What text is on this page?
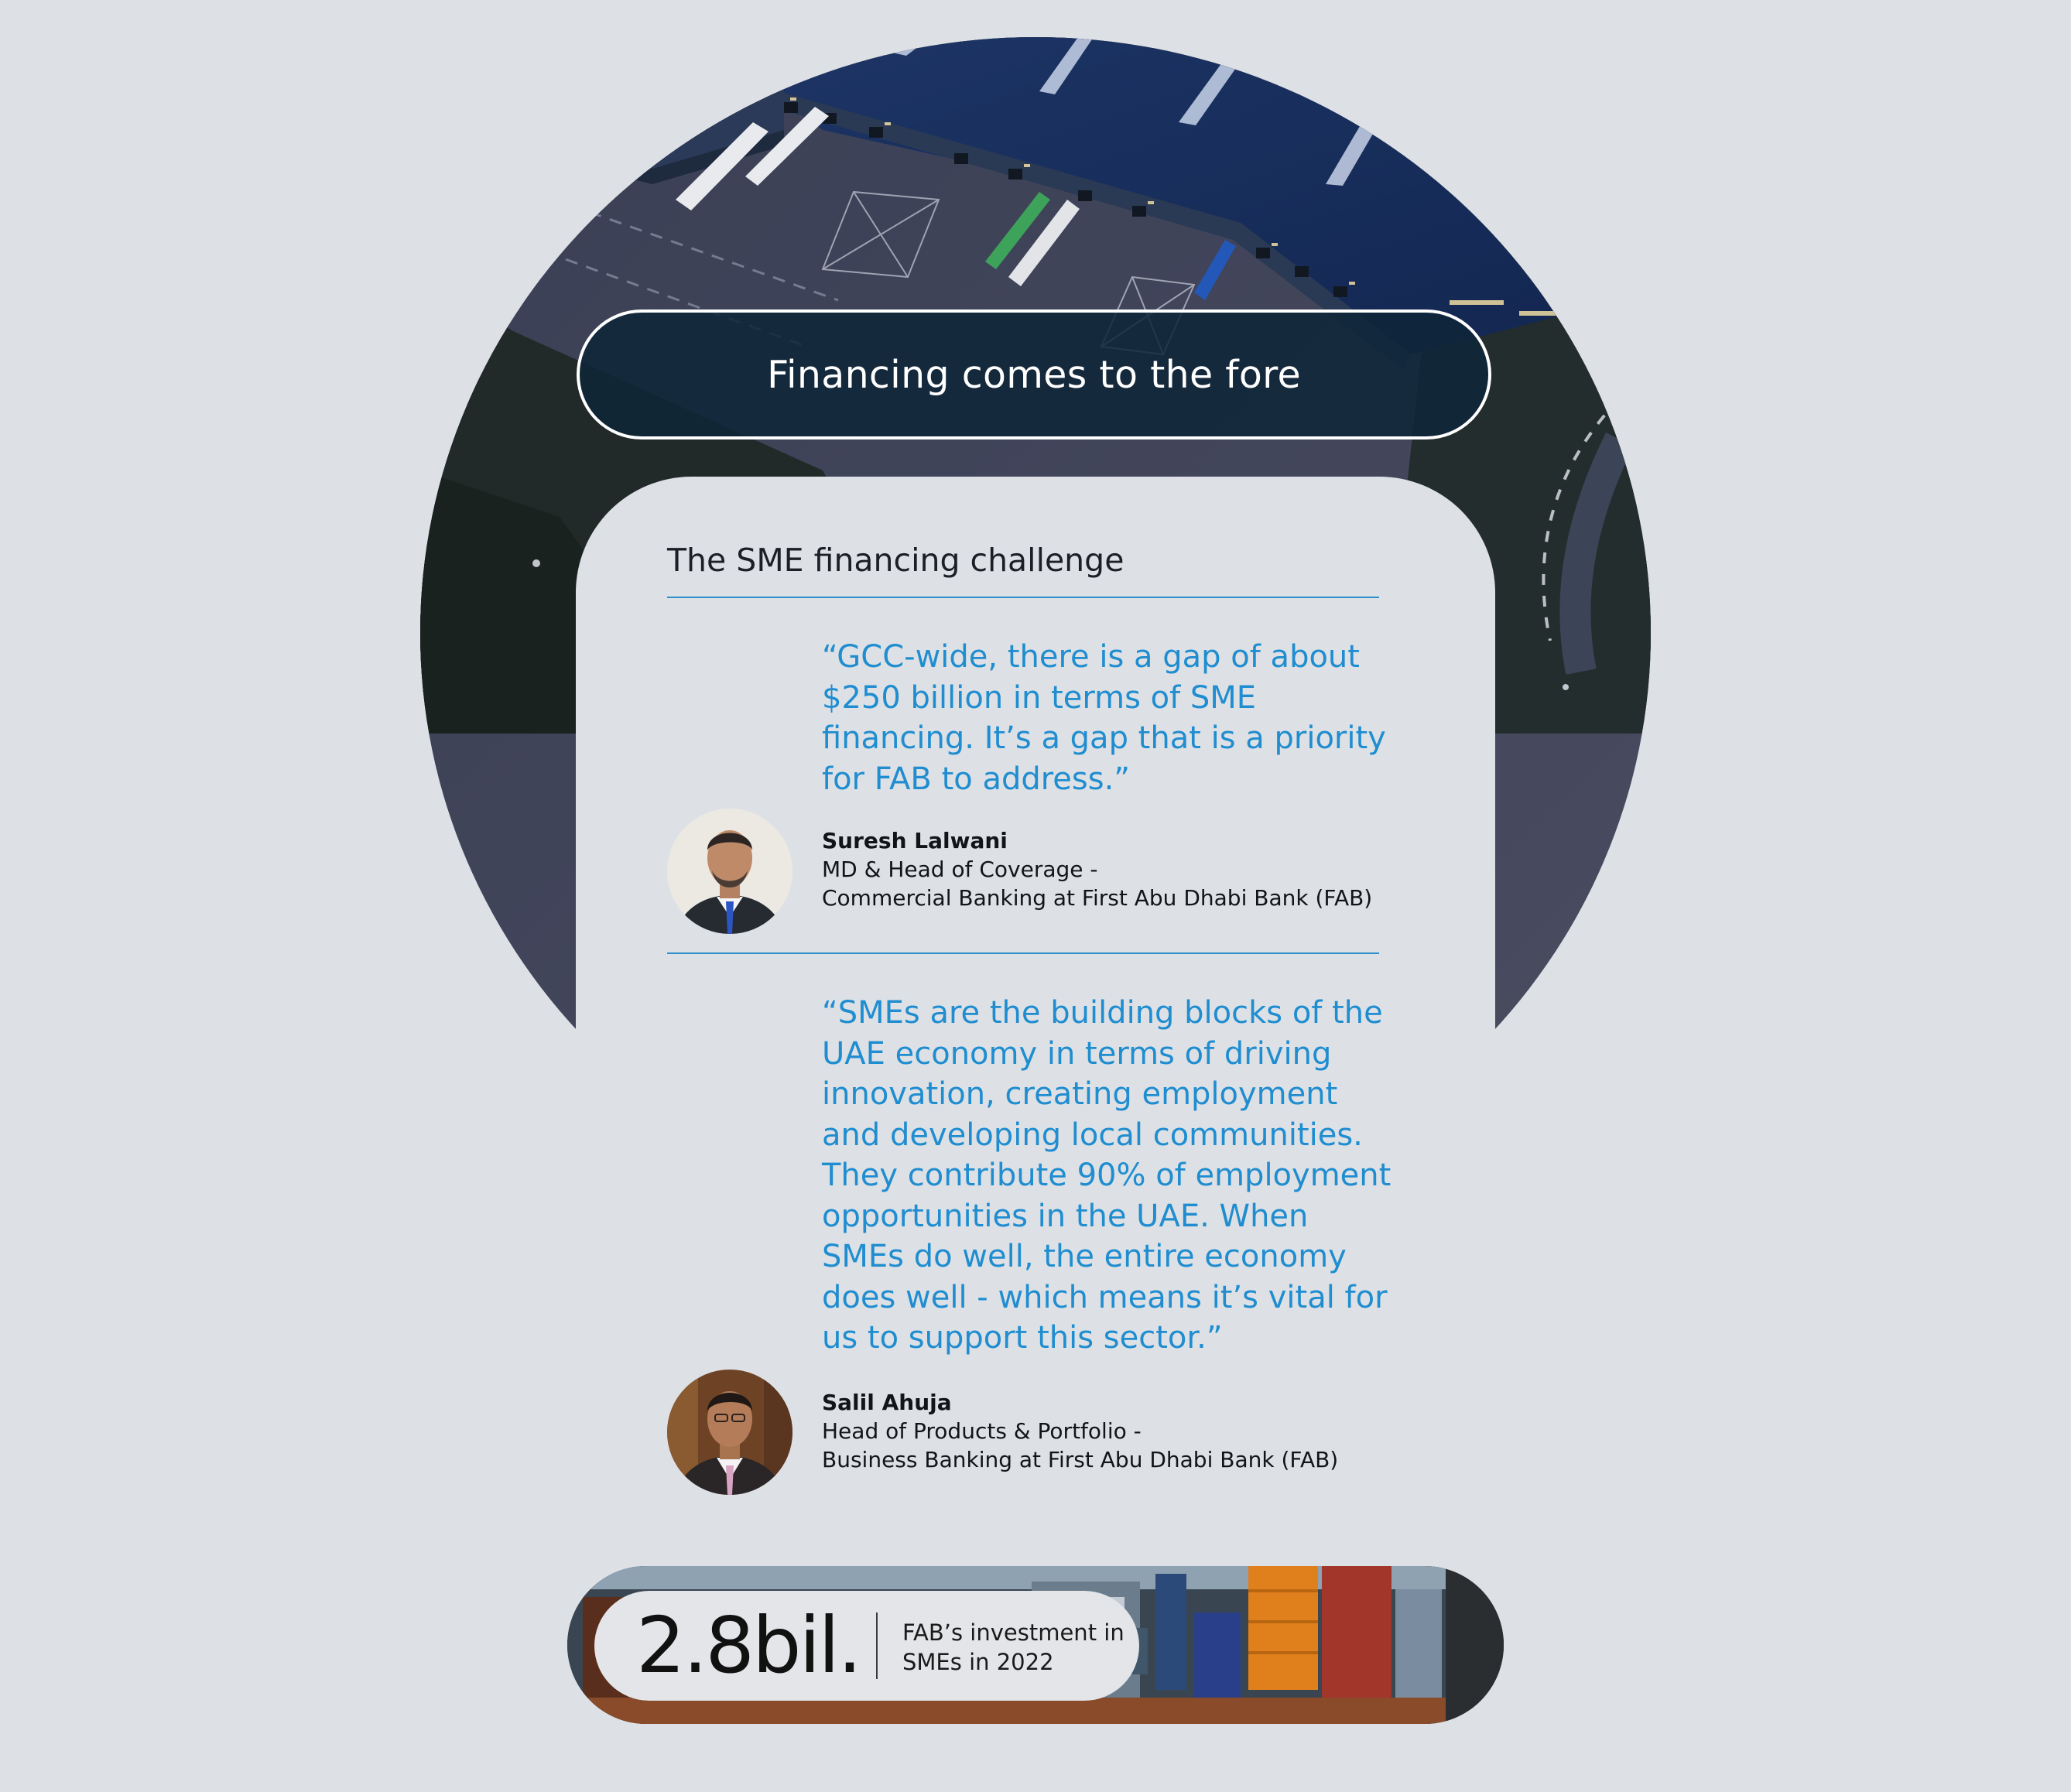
Financing comes to the fore
The SME financing challenge
“GCC-wide, there is a gap of about
$250 billion in terms of SME
financing. It’s a gap that is a priority
for FAB to address.”
Suresh Lalwani
MD & Head of Coverage -
Commercial Banking at First Abu Dhabi Bank (FAB)
“SMEs are the building blocks of the
UAE economy in terms of driving
innovation, creating employment
and developing local communities.
They contribute 90% of employment
opportunities in the UAE. When
SMEs do well, the entire economy
does well - which means it’s vital for
us to support this sector.”
Salil Ahuja
Head of Products & Portfolio -
Business Banking at First Abu Dhabi Bank (FAB)
2.8bil. FAB’s investment in
SMEs in 2022
